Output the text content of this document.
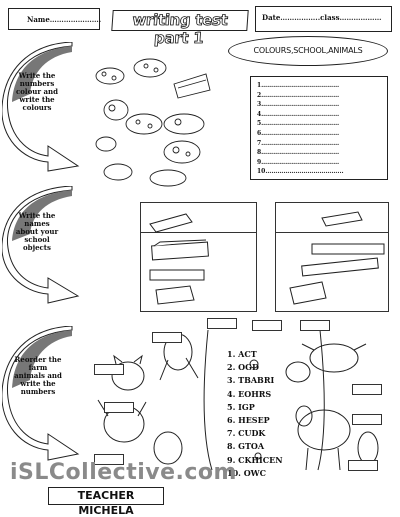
Name………………….	writing test part 1
Date……………..class………………
COLOURS,SCHOOL,ANIMALS
1…………………………………
2…………………………………
3…………………………………
4…………………………………
5…………………………………
6…………………………………
7…………………………………
8…………………………………
9…………………………………
10………………………………...
Write the numbers colour and write the colours
Write the names about your school objects
Reorder the farm animals and write the numbers
1. ACT
2. OGD
3. TBABRI
4. EOHRS
5. IGP
6. HESEP
7. CUDK
8. GTOA
9. CKHICEN
10. OWC
iSLCollective.com
TEACHER MICHELA
